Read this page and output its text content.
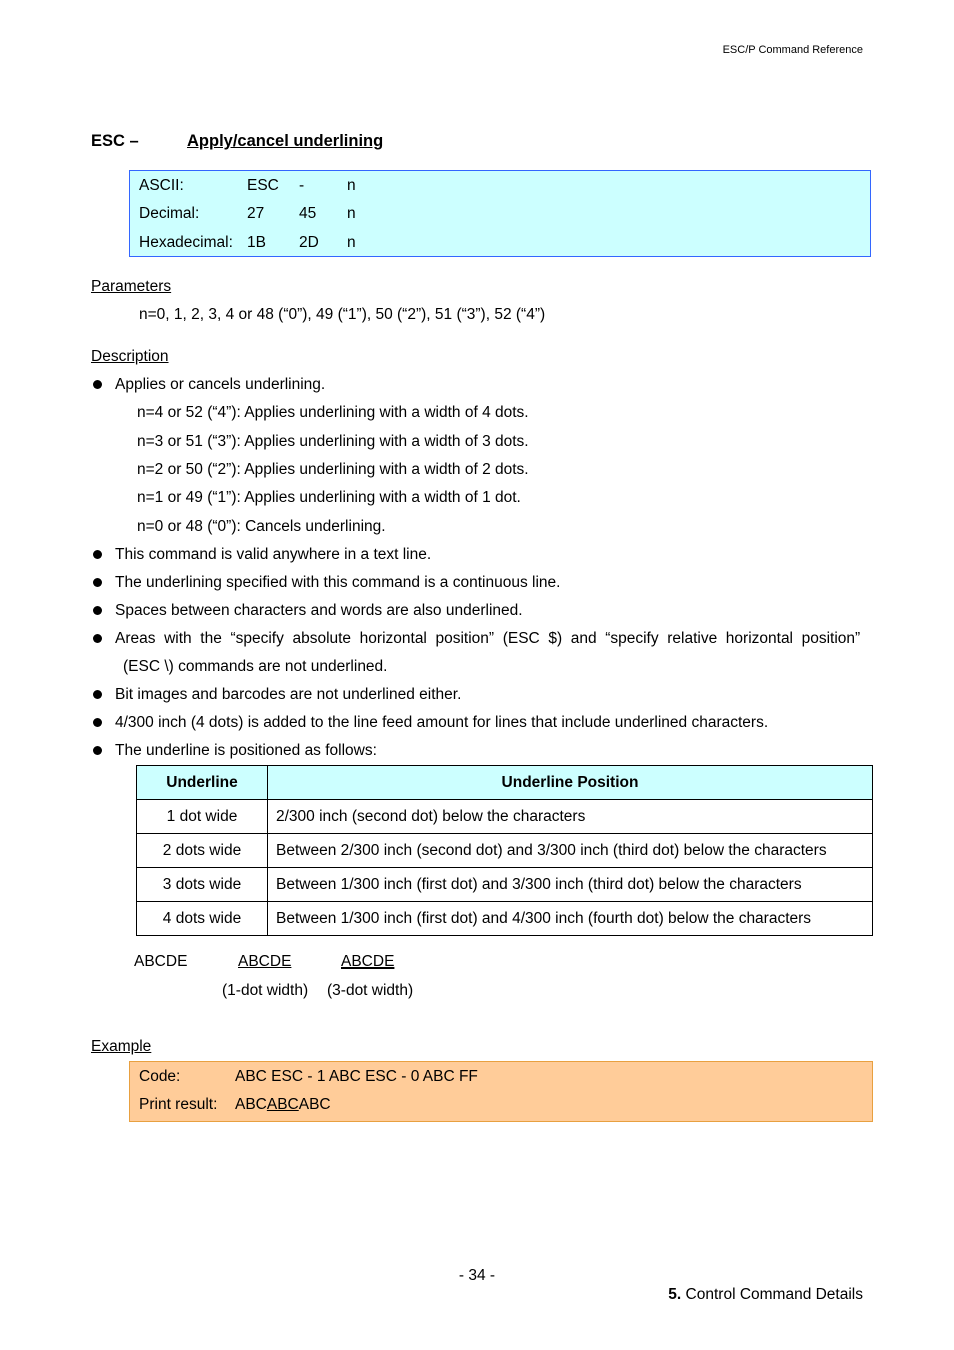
ESC/P Command Reference
ESC –	Apply/cancel underlining
ASCII:	ESC -	n
Decimal:	27 45 n
Hexadecimal: 1B 2D n
Parameters
n=0, 1, 2, 3, 4 or 48 (“0”), 49 (“1”), 50 (“2”), 51 (“3”), 52 (“4”)
Description
Applies or cancels underlining.
n=4 or 52 (“4”): Applies underlining with a width of 4 dots.
n=3 or 51 (“3”): Applies underlining with a width of 3 dots.
n=2 or 50 (“2”): Applies underlining with a width of 2 dots.
n=1 or 49 (“1”): Applies underlining with a width of 1 dot.
n=0 or 48 (“0”): Cancels underlining.
This command is valid anywhere in a text line.
The underlining specified with this command is a continuous line.
Spaces between characters and words are also underlined.
Areas  with  the  “specify  absolute  horizontal  position”  (ESC  $)  and  “specify  relative  horizontal  position”
(ESC \) commands are not underlined.
Bit images and barcodes are not underlined either.
4/300 inch (4 dots) is added to the line feed amount for lines that include underlined characters.
The underline is positioned as follows:
Underline	Underline Position
1 dot wide	2/300 inch (second dot) below the characters
2 dots wide	Between 2/300 inch (second dot) and 3/300 inch (third dot) below the characters
3 dots wide	Between 1/300 inch (first dot) and 3/300 inch (third dot) below the characters
4 dots wide	Between 1/300 inch (first dot) and 4/300 inch (fourth dot) below the characters
ABCDE	ABCDE	ABCDE
(1-dot width) (3-dot width)
Example
Code:	ABC ESC - 1 ABC ESC - 0 ABC FF
Print result: ABCABCABC
- 34 -
5. Control Command Details
